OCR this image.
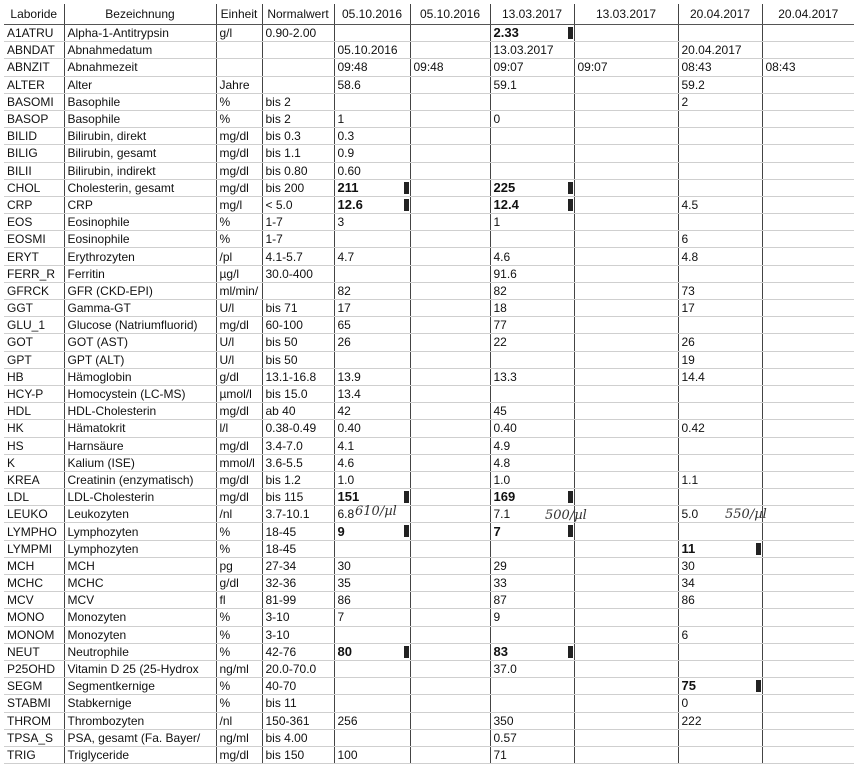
Laboride	Bezeichnung	Einheit	Normalwert	05.10.2016	05.10.2016	13.03.2017	13.03.2017	20.04.2017	20.04.2017
A1ATRU	Alpha-1-Antitrypsin	g/l	0.90-2.00			2.33			
ABNDAT	Abnahmedatum			05.10.2016		13.03.2017		20.04.2017	
ABNZIT	Abnahmezeit			09:48	09:48	09:07	09:07	08:43	08:43
ALTER	Alter	Jahre		58.6		59.1		59.2	
BASOMI	Basophile	%	bis 2					2	
BASOP	Basophile	%	bis 2	1		0			
BILID	Bilirubin, direkt	mg/dl	bis 0.3	0.3					
BILIG	Bilirubin, gesamt	mg/dl	bis 1.1	0.9					
BILII	Bilirubin, indirekt	mg/dl	bis 0.80	0.60					
CHOL	Cholesterin, gesamt	mg/dl	bis 200	211		225			
CRP	CRP	mg/l	< 5.0	12.6		12.4		4.5	
EOS	Eosinophile	%	1-7	3		1			
EOSMI	Eosinophile	%	1-7					6	
ERYT	Erythrozyten	/pl	4.1-5.7	4.7		4.6		4.8	
FERR_R	Ferritin	µg/l	30.0-400			91.6			
GFRCK	GFR (CKD-EPI)	ml/min/		82		82		73	
GGT	Gamma-GT	U/l	bis 71	17		18		17	
GLU_1	Glucose (Natriumfluorid)	mg/dl	60-100	65		77			
GOT	GOT (AST)	U/l	bis 50	26		22		26	
GPT	GPT (ALT)	U/l	bis 50					19	
HB	Hämoglobin	g/dl	13.1-16.8	13.9		13.3		14.4	
HCY-P	Homocystein (LC-MS)	µmol/l	bis 15.0	13.4					
HDL	HDL-Cholesterin	mg/dl	ab 40	42		45			
HK	Hämatokrit	l/l	0.38-0.49	0.40		0.40		0.42	
HS	Harnsäure	mg/dl	3.4-7.0	4.1		4.9			
K	Kalium (ISE)	mmol/l	3.6-5.5	4.6		4.8			
KREA	Creatinin (enzymatisch)	mg/dl	bis 1.2	1.0		1.0		1.1	
LDL	LDL-Cholesterin	mg/dl	bis 115	151		169			
LEUKO	Leukozyten	/nl	3.7-10.1	6.8		7.1		5.0	
LYMPHO	Lymphozyten	%	18-45	9		7			
LYMPMI	Lymphozyten	%	18-45					11	
MCH	MCH	pg	27-34	30		29		30	
MCHC	MCHC	g/dl	32-36	35		33		34	
MCV	MCV	fl	81-99	86		87		86	
MONO	Monozyten	%	3-10	7		9			
MONOM	Monozyten	%	3-10					6	
NEUT	Neutrophile	%	42-76	80		83			
P25OHD	Vitamin D 25 (25-Hydrox	ng/ml	20.0-70.0			37.0			
SEGM	Segmentkernige	%	40-70					75	
STABMI	Stabkernige	%	bis 11					0	
THROM	Thrombozyten	/nl	150-361	256		350		222	
TPSA_S	PSA, gesamt (Fa. Bayer/	ng/ml	bis 4.00			0.57			
TRIG	Triglyceride	mg/dl	bis 150	100		71			
610/µl	500/µl	550/µl
